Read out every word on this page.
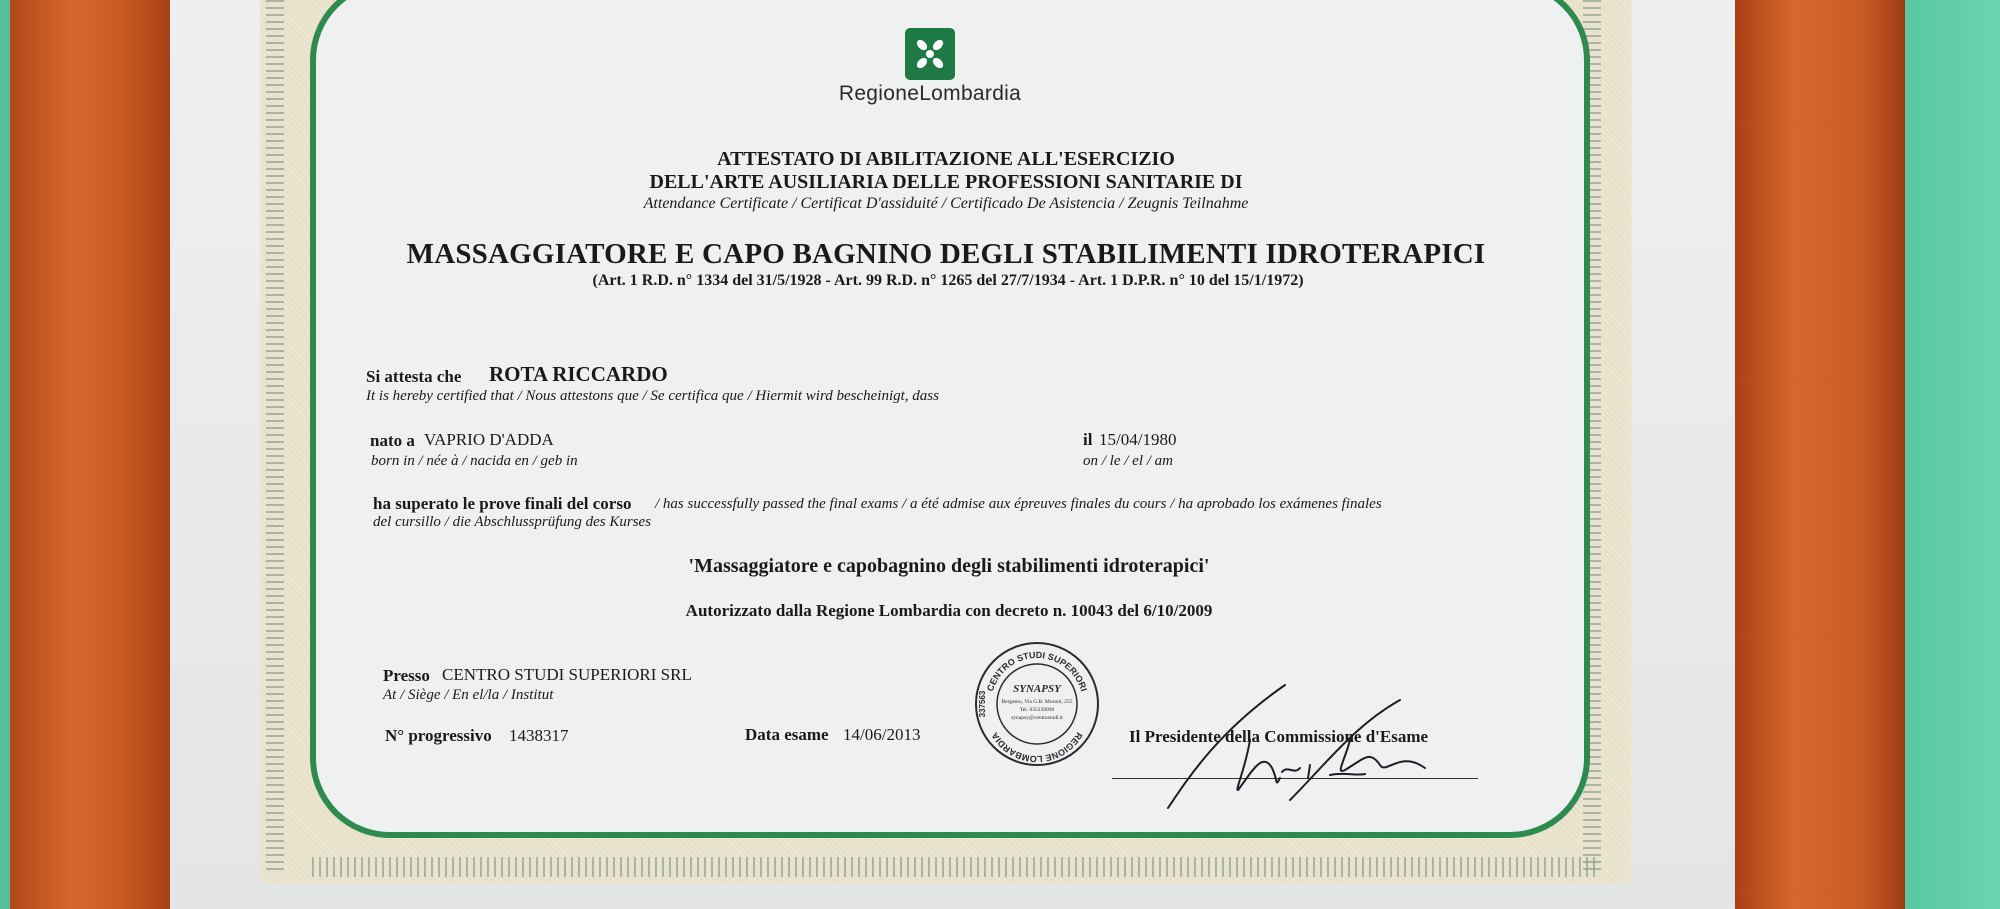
RegioneLombardia
ATTESTATO DI ABILITAZIONE ALL'ESERCIZIO
DELL'ARTE AUSILIARIA DELLE PROFESSIONI SANITARIE DI
Attendance Certificate / Certificat D'assiduité / Certificado De Asistencia / Zeugnis Teilnahme
MASSAGGIATORE E CAPO BAGNINO DEGLI STABILIMENTI IDROTERAPICI
(Art. 1 R.D. n° 1334 del 31/5/1928 - Art. 99 R.D. n° 1265 del 27/7/1934 - Art. 1 D.P.R. n° 10 del 15/1/1972)
Si attesta che ROTA RICCARDO
It is hereby certified that / Nous attestons que / Se certifica que / Hiermit wird bescheinigt, dass
nato a VAPRIO D'ADDA
born in / née à / nacida en / geb in
il 15/04/1980
on / le / el / am
ha superato le prove finali del corso / has successfully passed the final exams / a été admise aux épreuves finales du cours / ha aprobado los exámenes finales
del cursillo / die Abschlussprüfung des Kurses
'Massaggiatore e capobagnino degli stabilimenti idroterapici'
Autorizzato dalla Regione Lombardia con decreto n. 10043 del 6/10/2009
Presso CENTRO STUDI SUPERIORI SRL
At / Siège / En el/la / Institut
N° progressivo 1438317	Data esame 14/06/2013	Il Presidente della Commissione d'Esame
CENTRO STUDI SUPERIORI
REGIONE LOMBARDIA
337563
SYNAPSY
Bergamo, Via G.B. Moroni, 255
Tel. 035239090
synapsy@centrostudi.it
